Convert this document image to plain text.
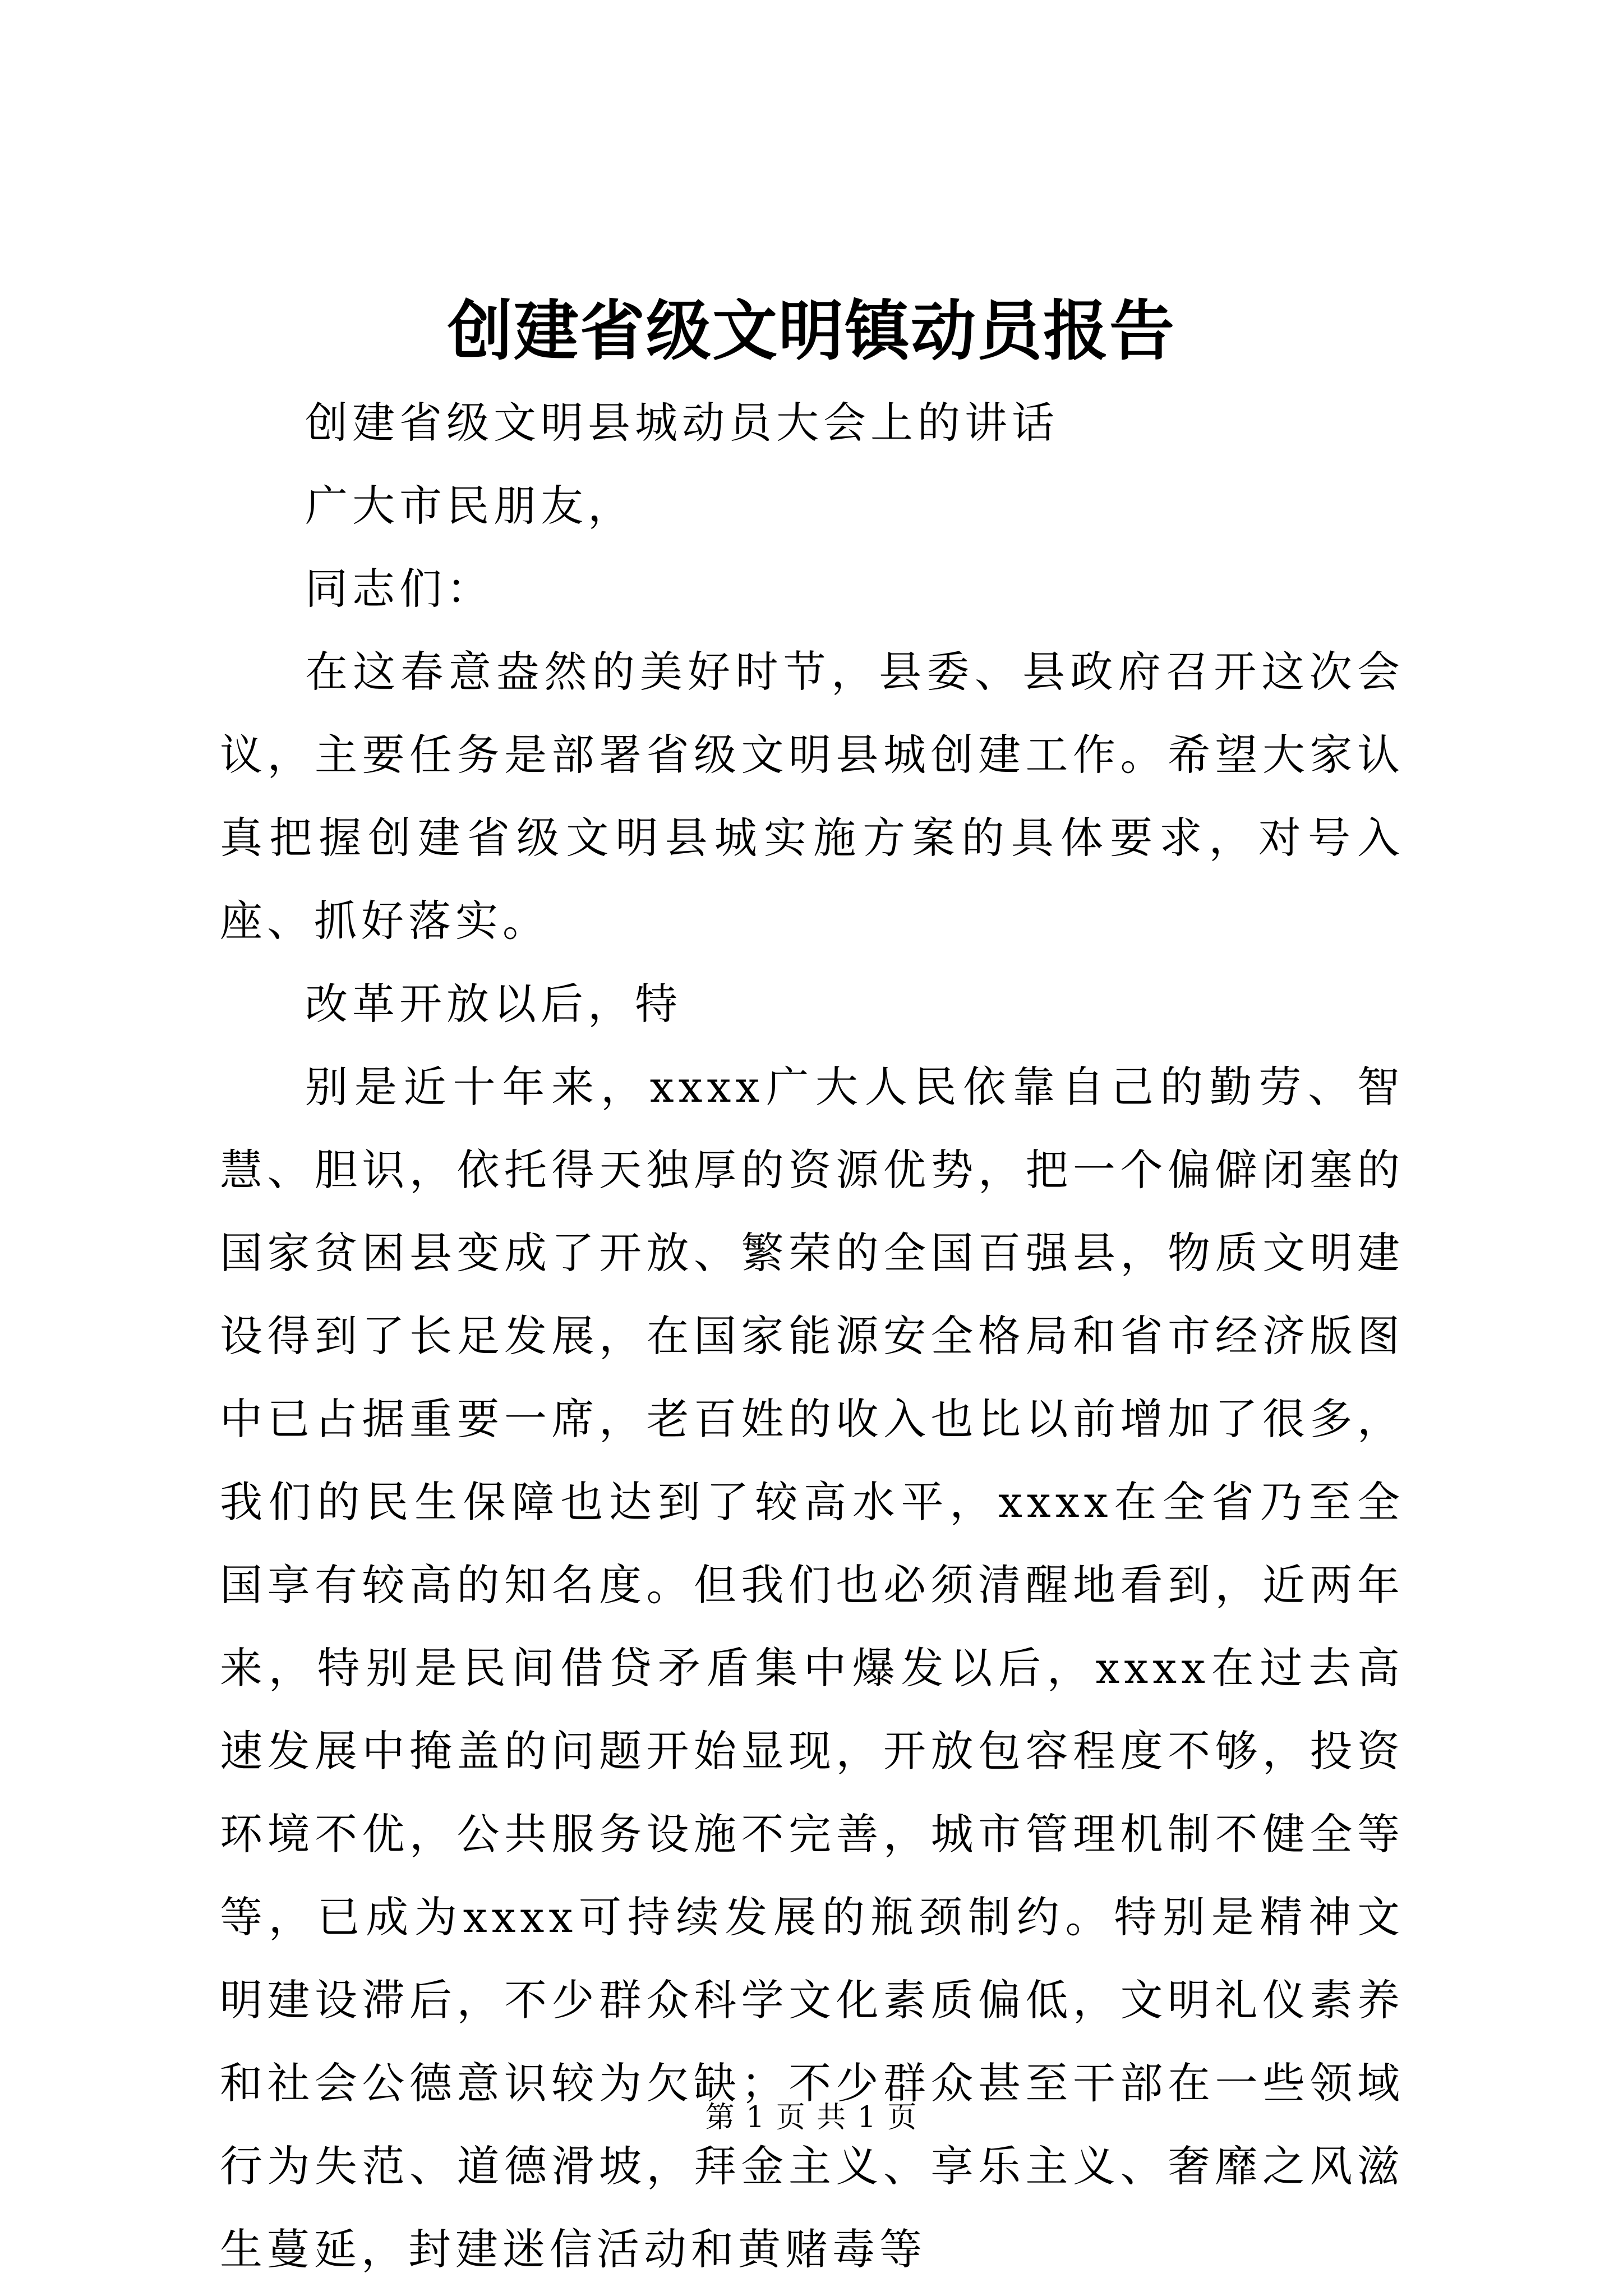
创建省级文明镇动员报告

创建省级文明县城动员大会上的讲话

广大市民朋友，

同志们：

在这春意盎然的美好时节，县委、县政府召开这次会议，主要任务是部署省级文明县城创建工作。希望大家认真把握创建省级文明县城实施方案的具体要求，对号入座、抓好落实。

改革开放以后，特

别是近十年来，xxxx广大人民依靠自己的勤劳、智慧、胆识，依托得天独厚的资源优势，把一个偏僻闭塞的国家贫困县变成了开放、繁荣的全国百强县，物质文明建设得到了长足发展，在国家能源安全格局和省市经济版图中已占据重要一席，老百姓的收入也比以前增加了很多，我们的民生保障也达到了较高水平，xxxx在全省乃至全国享有较高的知名度。但我们也必须清醒地看到，近两年来，特别是民间借贷矛盾集中爆发以后，xxxx在过去高速发展中掩盖的问题开始显现，开放包容程度不够，投资环境不优，公共服务设施不完善，城市管理机制不健全等等，已成为xxxx可持续发展的瓶颈制约。特别是精神文明建设滞后，不少群众科学文化素质偏低，文明礼仪素养和社会公德意识较为欠缺；不少群众甚至干部在一些领域行为失范、道德滑坡，拜金主义、享乐主义、奢靡之风滋生蔓延，封建迷信活动和黄赌毒等

第 1 页 共 1 页
